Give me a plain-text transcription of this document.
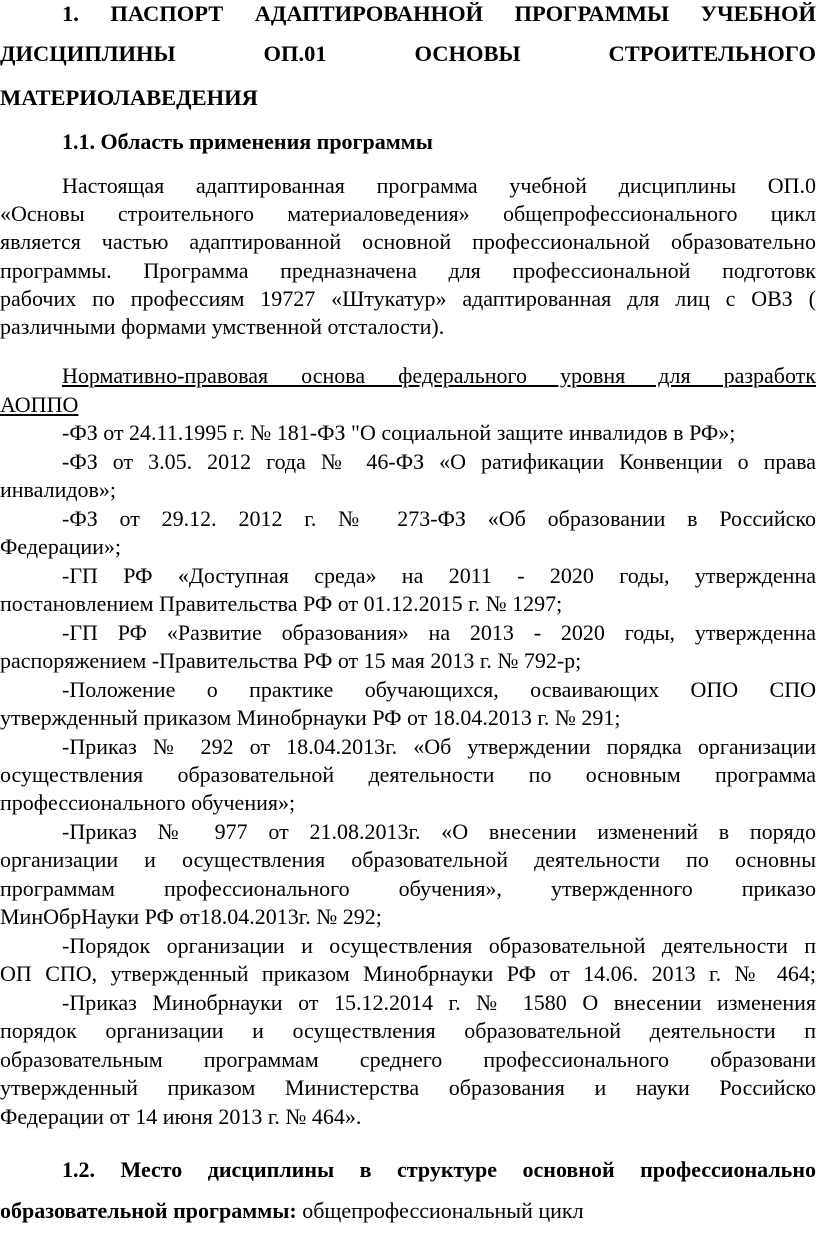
1. ПАСПОРТ АДАПТИРОВАННОЙ ПРОГРАММЫ УЧЕБНОЙ

ДИСЦИПЛИНЫ ОП.01 ОСНОВЫ СТРОИТЕЛЬНОГО

МАТЕРИОЛАВЕДЕНИЯ

1.1. Область применения программы

Настоящая адаптированная программа учебной дисциплины ОП.0

«Основы строительного материаловедения» общепрофессионального цикл

является частью адаптированной основной профессиональной образовательно

программы. Программа предназначена для профессиональной подготовк

рабочих по профессиям 19727 «Штукатур» адаптированная для лиц с ОВЗ (

различными формами умственной отсталости).

Нормативно-правовая основа федерального уровня для разработк

АОППО

-ФЗ от 24.11.1995 г. № 181-ФЗ "О социальной защите инвалидов в РФ»;

-ФЗ от 3.05. 2012 года № 46-ФЗ «О ратификации Конвенции о права

инвалидов»;

-ФЗ от 29.12. 2012 г. № 273-ФЗ «Об образовании в Российско

Федерации»;

-ГП РФ «Доступная среда» на 2011 - 2020 годы, утвержденна

постановлением Правительства РФ от 01.12.2015 г. № 1297;

-ГП РФ «Развитие образования» на 2013 - 2020 годы, утвержденна

распоряжением -Правительства РФ от 15 мая 2013 г. № 792-р;

-Положение о практике обучающихся, осваивающих ОПО СПО

утвержденный приказом Минобрнауки РФ от 18.04.2013 г. № 291;

-Приказ № 292 от 18.04.2013г. «Об утверждении порядка организации

осуществления образовательной деятельности по основным программа

профессионального обучения»;

-Приказ № 977 от 21.08.2013г. «О внесении изменений в порядо

организации и осуществления образовательной деятельности по основны

программам профессионального обучения», утвержденного приказо

МинОбрНауки РФ от18.04.2013г. № 292;

-Порядок организации и осуществления образовательной деятельности п

ОП СПО, утвержденный приказом Минобрнауки РФ от 14.06. 2013 г. № 464;

-Приказ Минобрнауки от 15.12.2014 г. № 1580 О внесении изменения

порядок организации и осуществления образовательной деятельности п

образовательным программам среднего профессионального образовани

утвержденный приказом Министерства образования и науки Российско

Федерации от 14 июня 2013 г. № 464».

1.2. Место дисциплины в структуре основной профессионально

образовательной программы: общепрофессиональный цикл
